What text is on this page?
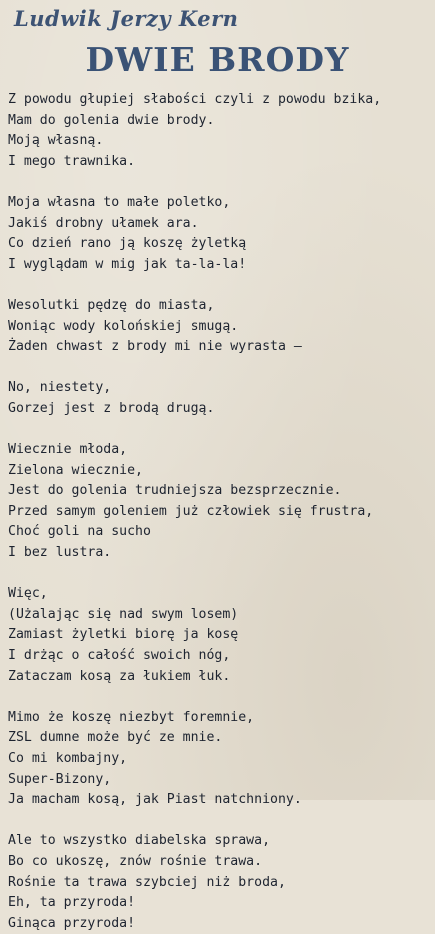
Ludwik Jerzy Kern
DWIE BRODY
Z powodu głupiej słabości czyli z powodu bzika,
Mam do golenia dwie brody.
Moją własną.
I mego trawnika.
Moja własna to małe poletko,
Jakiś drobny ułamek ara.
Co dzień rano ją koszę żyletką
I wyglądam w mig jak ta-la-la!
Wesolutki pędzę do miasta,
Woniąc wody kolońskiej smugą.
Żaden chwast z brody mi nie wyrasta —
No, niestety,
Gorzej jest z brodą drugą.
Wiecznie młoda,
Zielona wiecznie,
Jest do golenia trudniejsza bezsprzecznie.
Przed samym goleniem już człowiek się frustra,
Choć goli na sucho
I bez lustra.
Więc,
(Użalając się nad swym losem)
Zamiast żyletki biorę ja kosę
I drżąc o całość swoich nóg,
Zataczam kosą za łukiem łuk.
Mimo że koszę niezbyt foremnie,
ZSL dumne może być ze mnie.
Co mi kombajny,
Super-Bizony,
Ja macham kosą, jak Piast natchniony.
Ale to wszystko diabelska sprawa,
Bo co ukoszę, znów rośnie trawa.
Rośnie ta trawa szybciej niż broda,
Eh, ta przyroda!
Ginąca przyroda!
